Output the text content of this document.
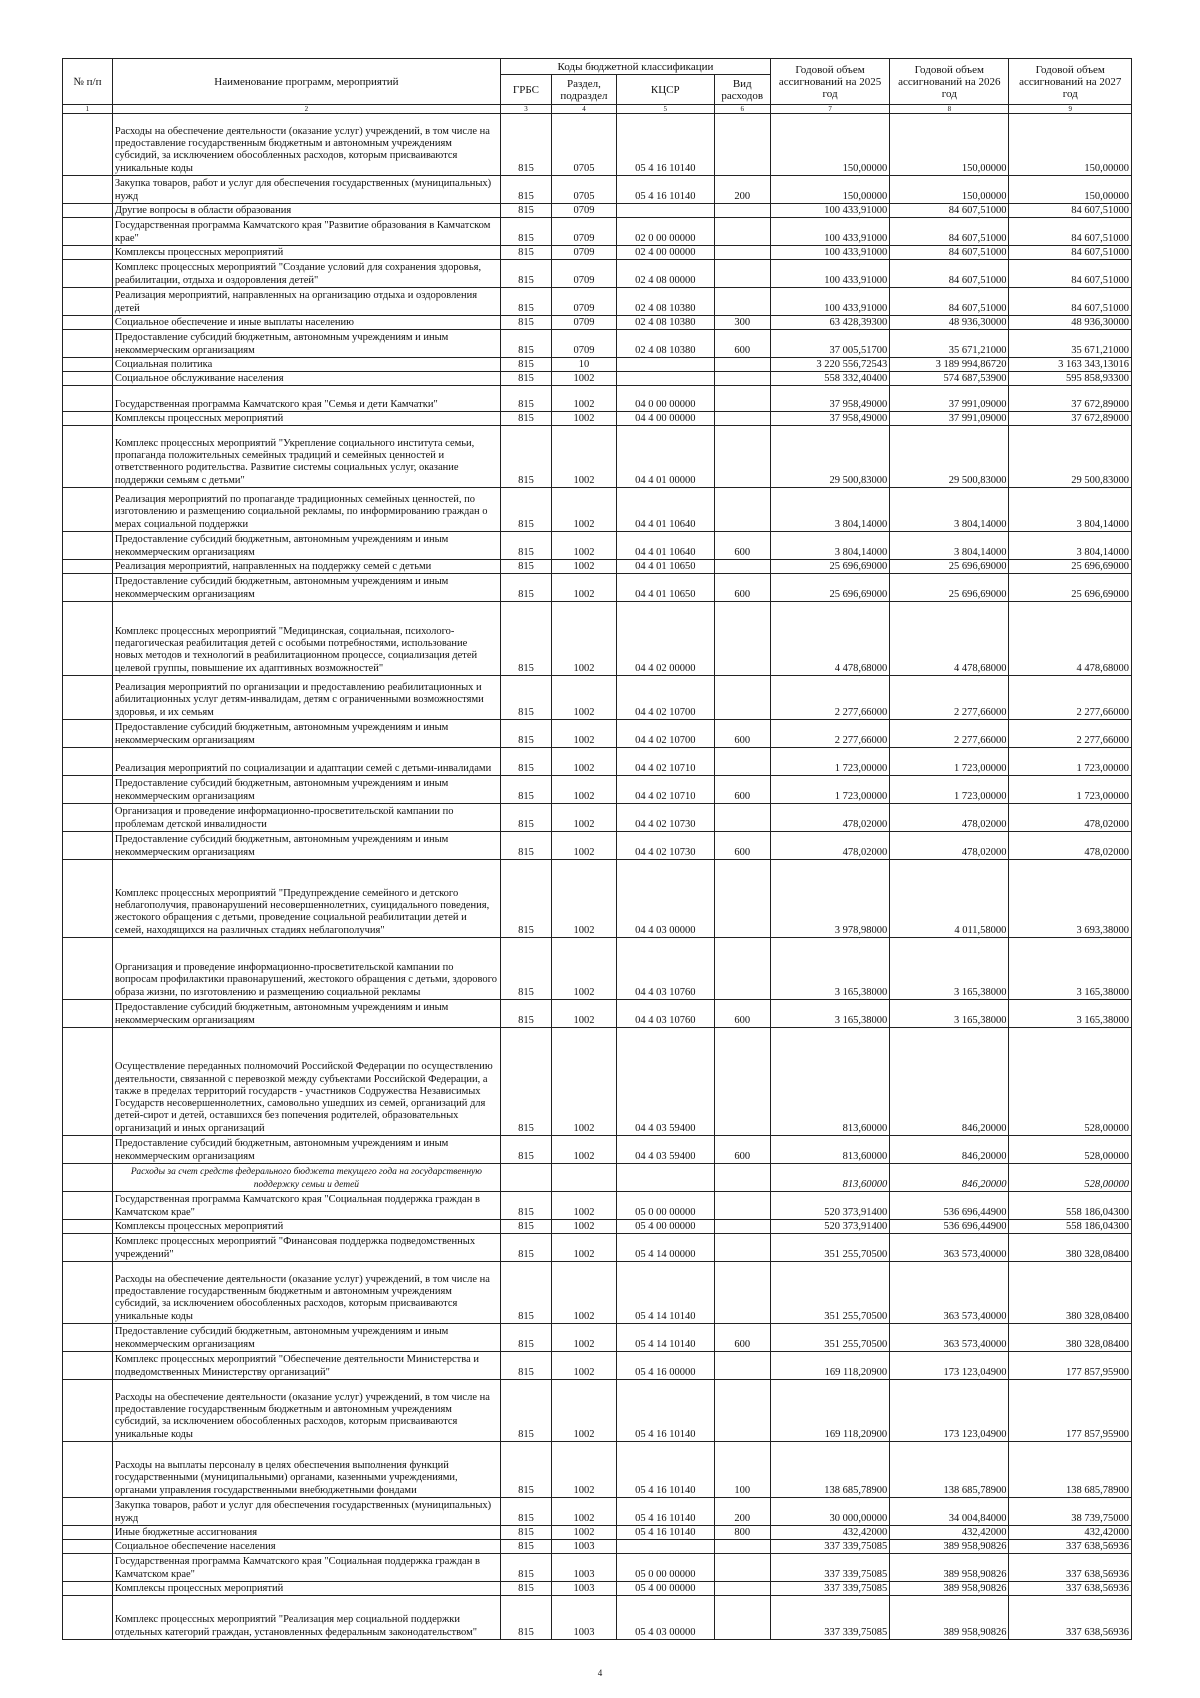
№ п/п	Наименование программ, мероприятий	Коды бюджетной классификации				Годовой объем ассигнований на 2025 год	Годовой объем ассигнований на 2026 год	Годовой объем ассигнований на 2027 год
		ГРБС	Раздел, подраздел	КЦСР	Вид расходов			
1	2	3	4	5	6	7	8	9
	Расходы на обеспечение деятельности (оказание услуг) учреждений, в том числе на предоставление государственным бюджетным и автономным учреждениям субсидий, за исключением обособленных расходов, которым присваиваются уникальные коды	815	0705	05 4 16 10140		150,00000	150,00000	150,00000
	Закупка товаров, работ и услуг для обеспечения государственных (муниципальных) нужд	815	0705	05 4 16 10140	200	150,00000	150,00000	150,00000
	Другие вопросы в области образования	815	0709			100 433,91000	84 607,51000	84 607,51000
	Государственная программа Камчатского края "Развитие образования в Камчатском крае"	815	0709	02 0 00 00000		100 433,91000	84 607,51000	84 607,51000
	Комплексы процессных мероприятий	815	0709	02 4 00 00000		100 433,91000	84 607,51000	84 607,51000
	Комплекс процессных мероприятий "Создание условий для сохранения здоровья, реабилитации, отдыха и оздоровления детей"	815	0709	02 4 08 00000		100 433,91000	84 607,51000	84 607,51000
	Реализация мероприятий, направленных на организацию отдыха и оздоровления детей	815	0709	02 4 08 10380		100 433,91000	84 607,51000	84 607,51000
	Социальное обеспечение и иные выплаты населению	815	0709	02 4 08 10380	300	63 428,39300	48 936,30000	48 936,30000
	Предоставление субсидий бюджетным, автономным учреждениям и иным некоммерческим организациям	815	0709	02 4 08 10380	600	37 005,51700	35 671,21000	35 671,21000
	Социальная политика	815	10			3 220 556,72543	3 189 994,86720	3 163 343,13016
	Социальное обслуживание населения	815	1002			558 332,40400	574 687,53900	595 858,93300
	Государственная программа Камчатского края "Семья и дети Камчатки"	815	1002	04 0 00 00000		37 958,49000	37 991,09000	37 672,89000
	Комплексы процессных мероприятий	815	1002	04 4 00 00000		37 958,49000	37 991,09000	37 672,89000
	Комплекс процессных мероприятий "Укрепление социального института семьи, пропаганда положительных семейных традиций и семейных ценностей и ответственного родительства. Развитие системы социальных услуг, оказание поддержки семьям с детьми"	815	1002	04 4 01 00000		29 500,83000	29 500,83000	29 500,83000
	Реализация мероприятий по пропаганде традиционных семейных ценностей, по изготовлению и размещению социальной рекламы, по информированию граждан о мерах социальной поддержки	815	1002	04 4 01 10640		3 804,14000	3 804,14000	3 804,14000
	Предоставление субсидий бюджетным, автономным учреждениям и иным некоммерческим организациям	815	1002	04 4 01 10640	600	3 804,14000	3 804,14000	3 804,14000
	Реализация мероприятий, направленных на поддержку семей с детьми	815	1002	04 4 01 10650		25 696,69000	25 696,69000	25 696,69000
	Предоставление субсидий бюджетным, автономным учреждениям и иным некоммерческим организациям	815	1002	04 4 01 10650	600	25 696,69000	25 696,69000	25 696,69000
	Комплекс процессных мероприятий "Медицинская, социальная, психолого-педагогическая реабилитация детей с особыми потребностями, использование новых методов и технологий в реабилитационном процессе, социализация детей целевой группы, повышение их адаптивных возможностей"	815	1002	04 4 02 00000		4 478,68000	4 478,68000	4 478,68000
	Реализация мероприятий по организации и предоставлению реабилитационных и абилитационных услуг детям-инвалидам, детям с ограниченными возможностями здоровья, и их семьям	815	1002	04 4 02 10700		2 277,66000	2 277,66000	2 277,66000
	Предоставление субсидий бюджетным, автономным учреждениям и иным некоммерческим организациям	815	1002	04 4 02 10700	600	2 277,66000	2 277,66000	2 277,66000
	Реализация мероприятий по социализации и адаптации семей с детьми-инвалидами	815	1002	04 4 02 10710		1 723,00000	1 723,00000	1 723,00000
	Предоставление субсидий бюджетным, автономным учреждениям и иным некоммерческим организациям	815	1002	04 4 02 10710	600	1 723,00000	1 723,00000	1 723,00000
	Организация и проведение информационно-просветительской кампании по проблемам детской инвалидности	815	1002	04 4 02 10730		478,02000	478,02000	478,02000
	Предоставление субсидий бюджетным, автономным учреждениям и иным некоммерческим организациям	815	1002	04 4 02 10730	600	478,02000	478,02000	478,02000
	Комплекс процессных мероприятий "Предупреждение семейного и детского неблагополучия, правонарушений несовершеннолетних, суицидального поведения, жестокого обращения с детьми, проведение социальной реабилитации детей и семей, находящихся на различных стадиях неблагополучия"	815	1002	04 4 03 00000		3 978,98000	4 011,58000	3 693,38000
	Организация и проведение информационно-просветительской кампании по вопросам профилактики правонарушений, жестокого обращения с детьми, здорового образа жизни, по изготовлению и размещению социальной рекламы	815	1002	04 4 03 10760		3 165,38000	3 165,38000	3 165,38000
	Предоставление субсидий бюджетным, автономным учреждениям и иным некоммерческим организациям	815	1002	04 4 03 10760	600	3 165,38000	3 165,38000	3 165,38000
	Осуществление переданных полномочий Российской Федерации по осуществлению деятельности, связанной с перевозкой между субъектами Российской Федерации, а также в пределах территорий государств - участников Содружества Независимых Государств несовершеннолетних, самовольно ушедших из семей, организаций для детей-сирот и детей, оставшихся без попечения родителей, образовательных организаций и иных организаций	815	1002	04 4 03 59400		813,60000	846,20000	528,00000
	Предоставление субсидий бюджетным, автономным учреждениям и иным некоммерческим организациям	815	1002	04 4 03 59400	600	813,60000	846,20000	528,00000
	Расходы за счет средств федерального бюджета текущего года на государственную поддержку семьи и детей					813,60000	846,20000	528,00000
	Государственная программа Камчатского края "Социальная поддержка граждан в Камчатском крае"	815	1002	05 0 00 00000		520 373,91400	536 696,44900	558 186,04300
	Комплексы процессных мероприятий	815	1002	05 4 00 00000		520 373,91400	536 696,44900	558 186,04300
	Комплекс процессных мероприятий "Финансовая поддержка подведомственных учреждений"	815	1002	05 4 14 00000		351 255,70500	363 573,40000	380 328,08400
	Расходы на обеспечение деятельности (оказание услуг) учреждений, в том числе на предоставление государственным бюджетным и автономным учреждениям субсидий, за исключением обособленных расходов, которым присваиваются уникальные коды	815	1002	05 4 14 10140		351 255,70500	363 573,40000	380 328,08400
	Предоставление субсидий бюджетным, автономным учреждениям и иным некоммерческим организациям	815	1002	05 4 14 10140	600	351 255,70500	363 573,40000	380 328,08400
	Комплекс процессных мероприятий "Обеспечение деятельности Министерства и подведомственных Министерству организаций"	815	1002	05 4 16 00000		169 118,20900	173 123,04900	177 857,95900
	Расходы на обеспечение деятельности (оказание услуг) учреждений, в том числе на предоставление государственным бюджетным и автономным учреждениям субсидий, за исключением обособленных расходов, которым присваиваются уникальные коды	815	1002	05 4 16 10140		169 118,20900	173 123,04900	177 857,95900
	Расходы на выплаты персоналу в целях обеспечения выполнения функций государственными (муниципальными) органами, казенными учреждениями, органами управления государственными внебюджетными фондами	815	1002	05 4 16 10140	100	138 685,78900	138 685,78900	138 685,78900
	Закупка товаров, работ и услуг для обеспечения государственных (муниципальных) нужд	815	1002	05 4 16 10140	200	30 000,00000	34 004,84000	38 739,75000
	Иные бюджетные ассигнования	815	1002	05 4 16 10140	800	432,42000	432,42000	432,42000
	Социальное обеспечение населения	815	1003			337 339,75085	389 958,90826	337 638,56936
	Государственная программа Камчатского края "Социальная поддержка граждан в Камчатском крае"	815	1003	05 0 00 00000		337 339,75085	389 958,90826	337 638,56936
	Комплексы процессных мероприятий	815	1003	05 4 00 00000		337 339,75085	389 958,90826	337 638,56936
	Комплекс процессных мероприятий "Реализация мер социальной поддержки отдельных категорий граждан, установленных федеральным законодательством"	815	1003	05 4 03 00000		337 339,75085	389 958,90826	337 638,56936
4
